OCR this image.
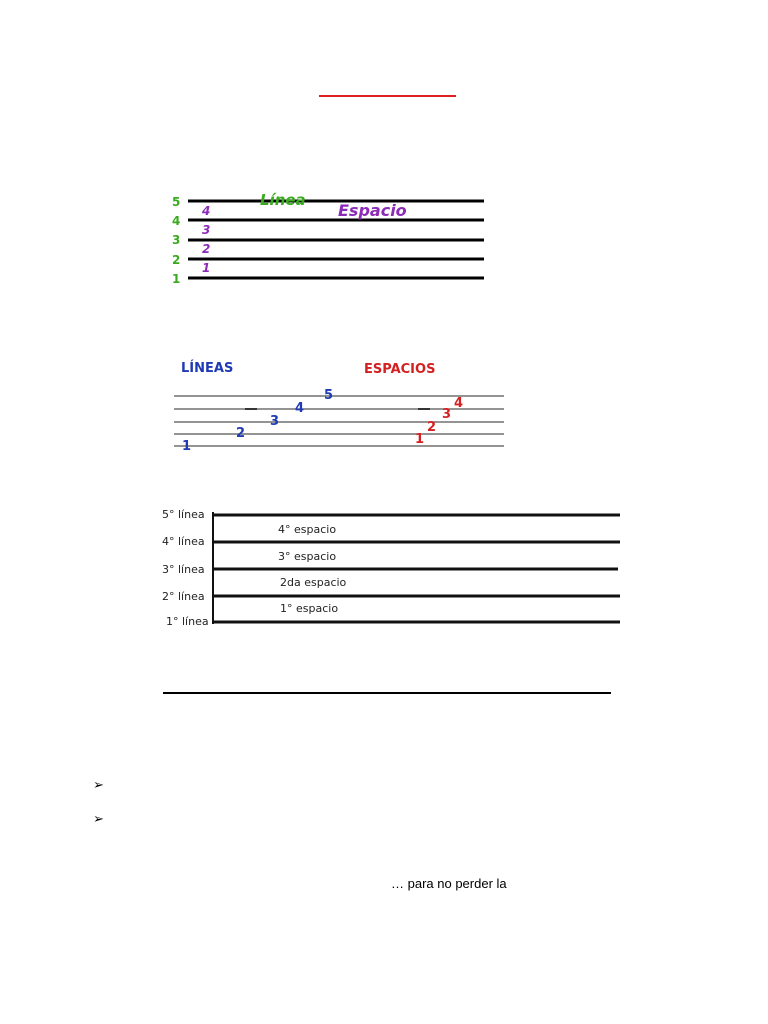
5
4
3
2
1
4
3
2
1
Línea
Espacio
LÍNEAS	ESPACIOS
1
2
3
4
5
1
2
3
4
5° línea
4° línea
3° línea
2° línea
1° línea
4° espacio
3° espacio
2da espacio
1° espacio
➢
➢
… para no perder la
